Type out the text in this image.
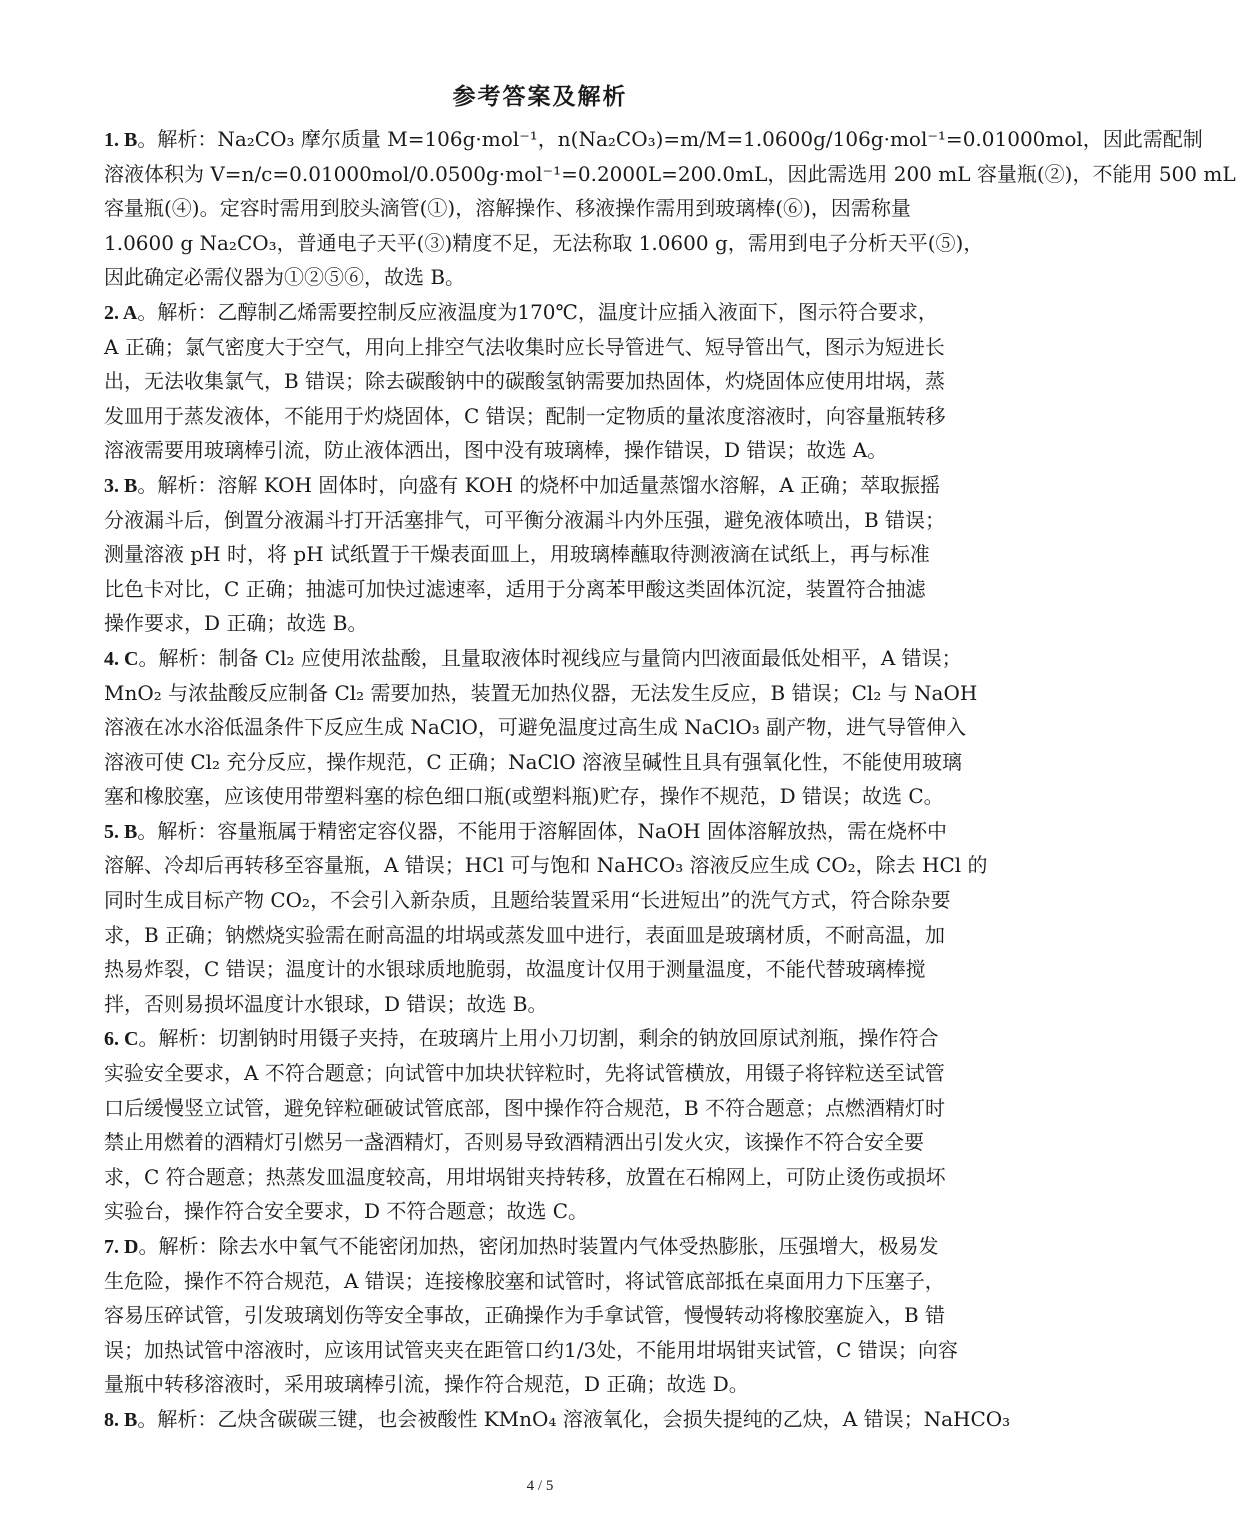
参考答案及解析
1. B。解析：Na₂CO₃ 摩尔质量 M=106g·mol⁻¹，n(Na₂CO₃)=m/M=1.0600g/106g·mol⁻¹=0.01000mol，因此需配制
溶液体积为 V=n/c=0.01000mol/0.0500g·mol⁻¹=0.2000L=200.0mL，因此需选用 200 mL 容量瓶(②)，不能用 500 mL
容量瓶(④)。定容时需用到胶头滴管(①)，溶解操作、移液操作需用到玻璃棒(⑥)，因需称量
1.0600 g Na₂CO₃，普通电子天平(③)精度不足，无法称取 1.0600 g，需用到电子分析天平(⑤)，
因此确定必需仪器为①②⑤⑥，故选 B。
2. A。解析：乙醇制乙烯需要控制反应液温度为170℃，温度计应插入液面下，图示符合要求，
A 正确；氯气密度大于空气，用向上排空气法收集时应长导管进气、短导管出气，图示为短进长
出，无法收集氯气，B 错误；除去碳酸钠中的碳酸氢钠需要加热固体，灼烧固体应使用坩埚，蒸
发皿用于蒸发液体，不能用于灼烧固体，C 错误；配制一定物质的量浓度溶液时，向容量瓶转移
溶液需要用玻璃棒引流，防止液体洒出，图中没有玻璃棒，操作错误，D 错误；故选 A。
3. B。解析：溶解 KOH 固体时，向盛有 KOH 的烧杯中加适量蒸馏水溶解，A 正确；萃取振摇
分液漏斗后，倒置分液漏斗打开活塞排气，可平衡分液漏斗内外压强，避免液体喷出，B 错误；
测量溶液 pH 时，将 pH 试纸置于干燥表面皿上，用玻璃棒蘸取待测液滴在试纸上，再与标准
比色卡对比，C 正确；抽滤可加快过滤速率，适用于分离苯甲酸这类固体沉淀，装置符合抽滤
操作要求，D 正确；故选 B。
4. C。解析：制备 Cl₂ 应使用浓盐酸，且量取液体时视线应与量筒内凹液面最低处相平，A 错误；
MnO₂ 与浓盐酸反应制备 Cl₂ 需要加热，装置无加热仪器，无法发生反应，B 错误；Cl₂ 与 NaOH
溶液在冰水浴低温条件下反应生成 NaClO，可避免温度过高生成 NaClO₃ 副产物，进气导管伸入
溶液可使 Cl₂ 充分反应，操作规范，C 正确；NaClO 溶液呈碱性且具有强氧化性，不能使用玻璃
塞和橡胶塞，应该使用带塑料塞的棕色细口瓶(或塑料瓶)贮存，操作不规范，D 错误；故选 C。
5. B。解析：容量瓶属于精密定容仪器，不能用于溶解固体，NaOH 固体溶解放热，需在烧杯中
溶解、冷却后再转移至容量瓶，A 错误；HCl 可与饱和 NaHCO₃ 溶液反应生成 CO₂，除去 HCl 的
同时生成目标产物 CO₂，不会引入新杂质，且题给装置采用“长进短出”的洗气方式，符合除杂要
求，B 正确；钠燃烧实验需在耐高温的坩埚或蒸发皿中进行，表面皿是玻璃材质，不耐高温，加
热易炸裂，C 错误；温度计的水银球质地脆弱，故温度计仅用于测量温度，不能代替玻璃棒搅
拌，否则易损坏温度计水银球，D 错误；故选 B。
6. C。解析：切割钠时用镊子夹持，在玻璃片上用小刀切割，剩余的钠放回原试剂瓶，操作符合
实验安全要求，A 不符合题意；向试管中加块状锌粒时，先将试管横放，用镊子将锌粒送至试管
口后缓慢竖立试管，避免锌粒砸破试管底部，图中操作符合规范，B 不符合题意；点燃酒精灯时
禁止用燃着的酒精灯引燃另一盏酒精灯，否则易导致酒精洒出引发火灾，该操作不符合安全要
求，C 符合题意；热蒸发皿温度较高，用坩埚钳夹持转移，放置在石棉网上，可防止烫伤或损坏
实验台，操作符合安全要求，D 不符合题意；故选 C。
7. D。解析：除去水中氧气不能密闭加热，密闭加热时装置内气体受热膨胀，压强增大，极易发
生危险，操作不符合规范，A 错误；连接橡胶塞和试管时，将试管底部抵在桌面用力下压塞子，
容易压碎试管，引发玻璃划伤等安全事故，正确操作为手拿试管，慢慢转动将橡胶塞旋入，B 错
误；加热试管中溶液时，应该用试管夹夹在距管口约1/3处，不能用坩埚钳夹试管，C 错误；向容
量瓶中转移溶液时，采用玻璃棒引流，操作符合规范，D 正确；故选 D。
8. B。解析：乙炔含碳碳三键，也会被酸性 KMnO₄ 溶液氧化，会损失提纯的乙炔，A 错误；NaHCO₃
4 / 5
